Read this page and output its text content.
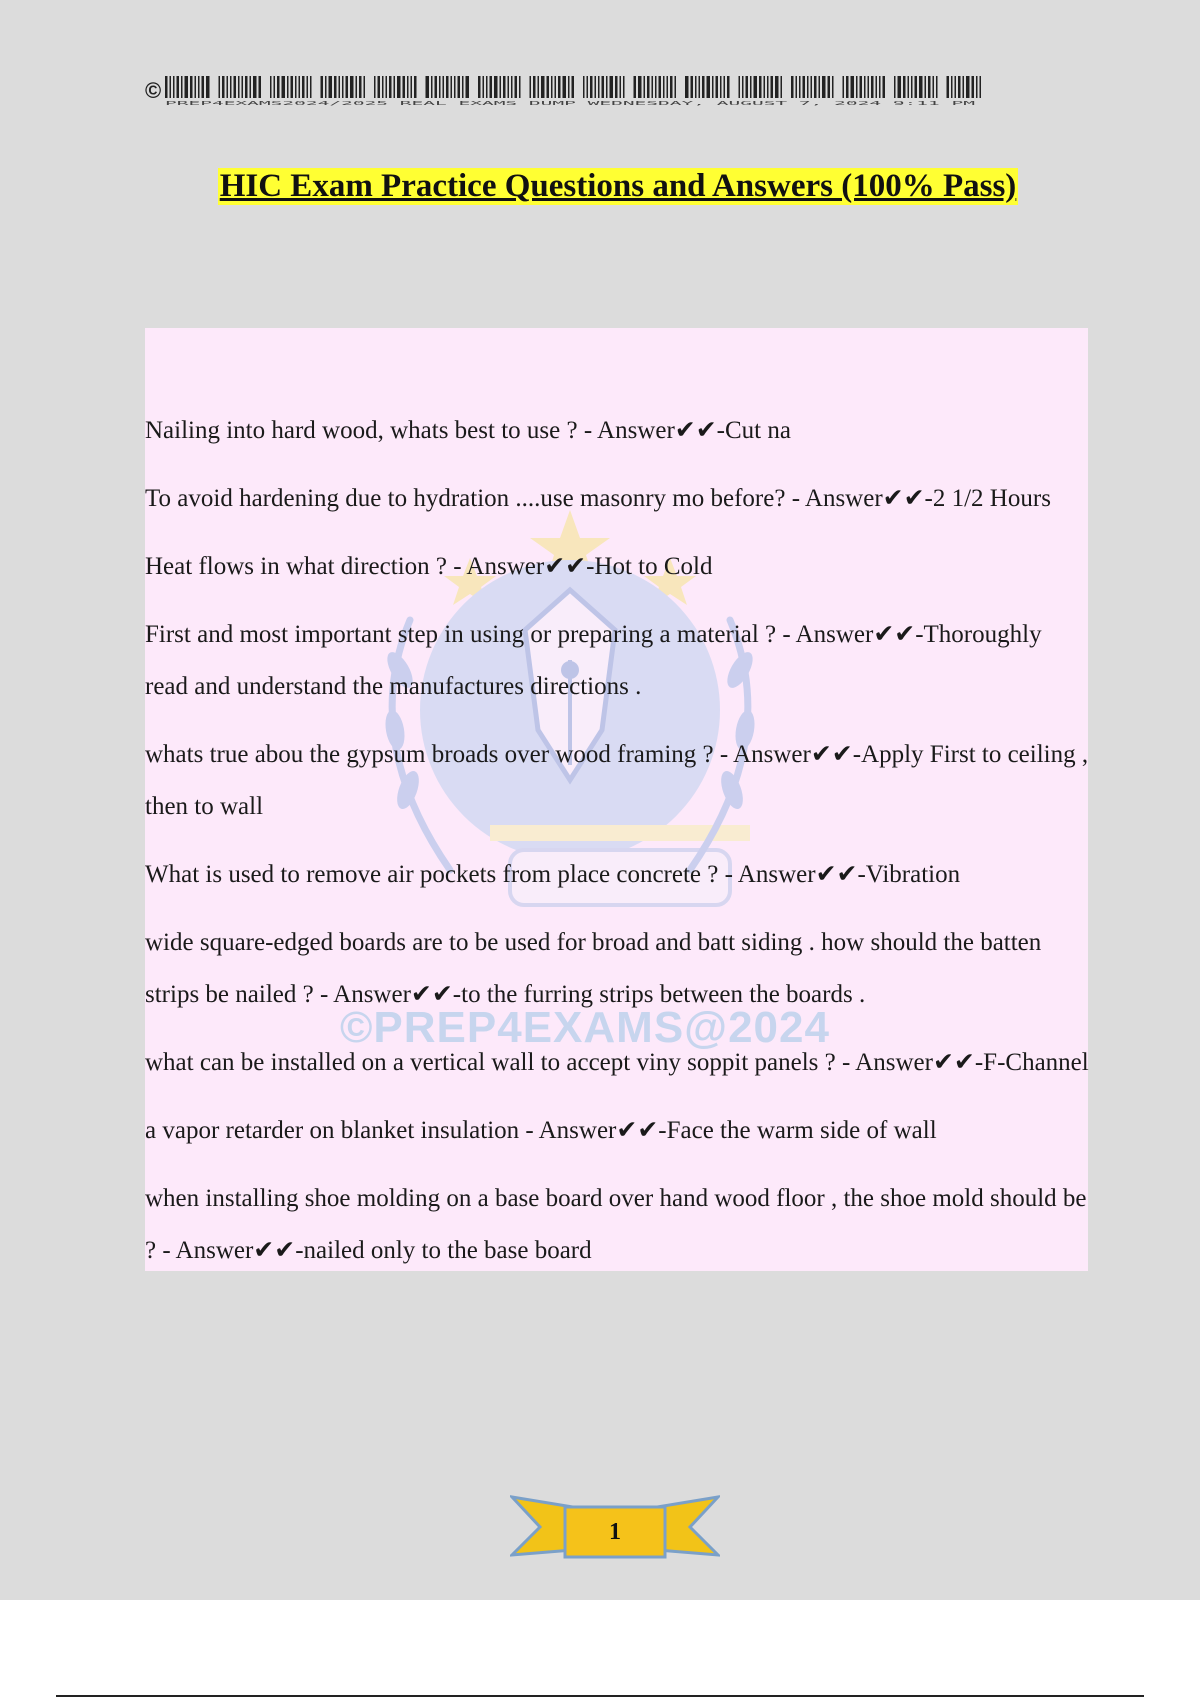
©
PREP4EXAMS2024/2025 REAL EXAMS DUMP WEDNESDAY, AUGUST 7, 2024 9:11 PM
HIC Exam Practice Questions and Answers (100% Pass)
©PREP4EXAMS@2024
Nailing into hard wood, whats best to use ? - Answer✔✔-Cut na
To avoid hardening due to hydration ....use masonry mo before? - Answer✔✔-2 1/2 Hours
Heat flows in what direction ? - Answer✔✔-Hot to Cold
First and most important step in using or preparing a material ? - Answer✔✔-Thoroughly read and understand the manufactures directions .
whats true abou the gypsum broads over wood framing ? - Answer✔✔-Apply First to ceiling , then to wall
What is used to remove air pockets from place concrete ? - Answer✔✔-Vibration
wide square-edged boards are to be used for broad and batt siding . how should the batten strips be nailed ? - Answer✔✔-to the furring strips between the boards .
what can be installed on a vertical wall to accept viny soppit panels ? - Answer✔✔-F-Channel
a vapor retarder on blanket insulation - Answer✔✔-Face the warm side of wall
when installing shoe molding on a base board over hand wood floor , the shoe mold should be ? - Answer✔✔-nailed only to the base board
1
